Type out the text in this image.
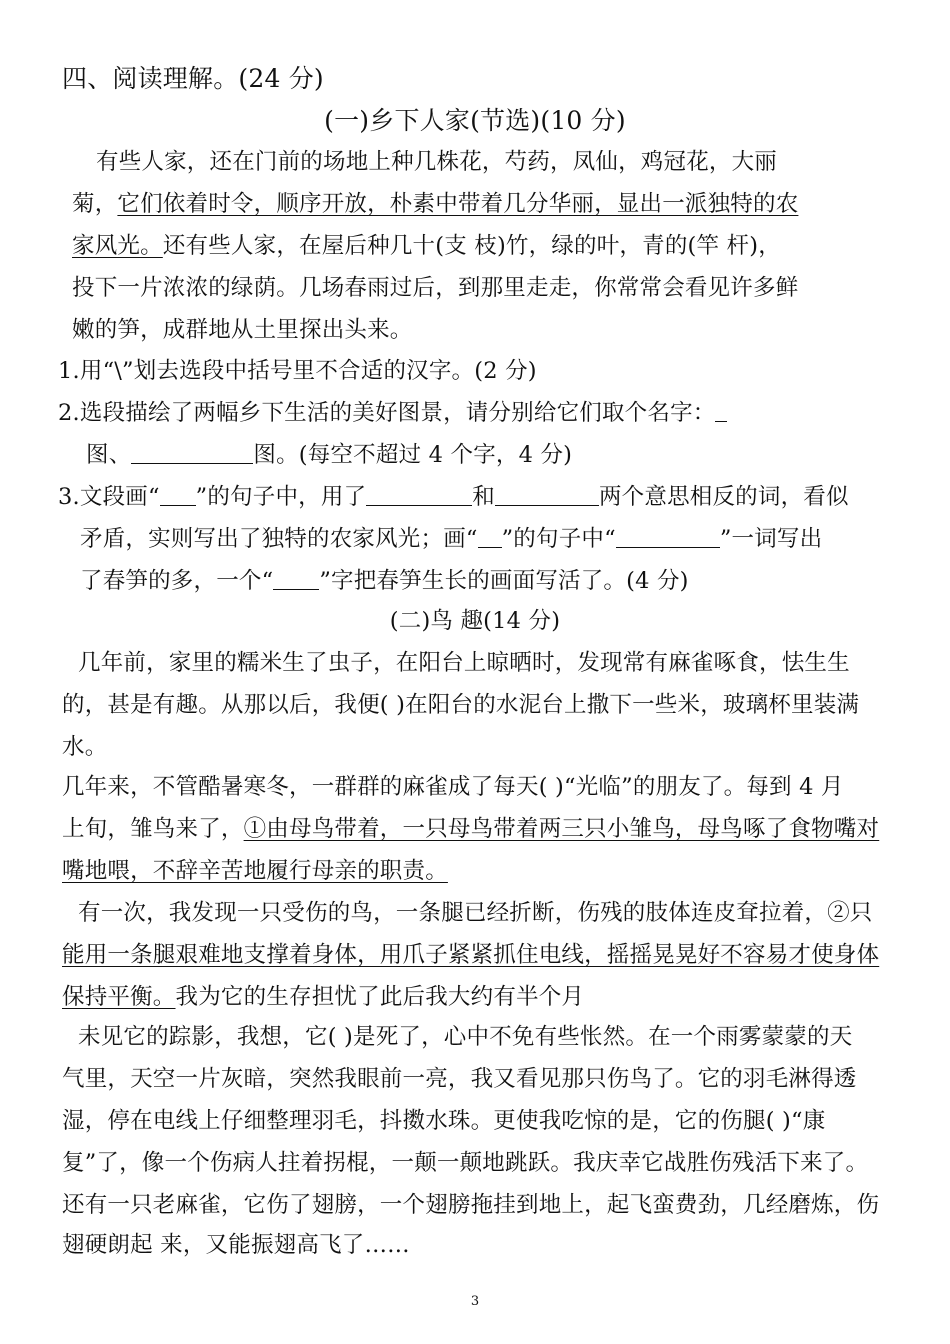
四、阅读理解。(24 分)
(一)乡下人家(节选)(10 分)
有些人家，还在门前的场地上种几株花，芍药，凤仙，鸡冠花，大丽
菊，它们依着时令，顺序开放，朴素中带着几分华丽，显出一派独特的农
家风光。还有些人家，在屋后种几十(支 枝)竹，绿的叶，青的(竿 杆)，
投下一片浓浓的绿荫。几场春雨过后，到那里走走，你常常会看见许多鲜
嫩的笋，成群地从土里探出头来。
1.用“\”划去选段中括号里不合适的汉字。(2 分)
2.选段描绘了两幅乡下生活的美好图景，请分别给它们取个名字：
图、	图。(每空不超过 4 个字，4 分)
3.文段画“ ”的句子中，用了	和	两个意思相反的词，看似
矛盾，实则写出了独特的农家风光；画“ ”的句子中“	”一词写出
了春笋的多，一个“ ”字把春笋生长的画面写活了。(4 分)
(二)鸟 趣(14 分)
几年前，家里的糯米生了虫子，在阳台上晾晒时，发现常有麻雀啄食，怯生生
的，甚是有趣。从那以后，我便( )在阳台的水泥台上撒下一些米，玻璃杯里装满
水。
几年来，不管酷暑寒冬，一群群的麻雀成了每天( )“光临”的朋友了。每到 4 月
上旬，雏鸟来了，①由母鸟带着，一只母鸟带着两三只小雏鸟，母鸟啄了食物嘴对
嘴地喂，不辞辛苦地履行母亲的职责。
有一次，我发现一只受伤的鸟，一条腿已经折断，伤残的肢体连皮耷拉着，②只
能用一条腿艰难地支撑着身体，用爪子紧紧抓住电线，摇摇晃晃好不容易才使身体
保持平衡。我为它的生存担忧了此后我大约有半个月
未见它的踪影，我想，它( )是死了，心中不免有些怅然。在一个雨雾蒙蒙的天
气里，天空一片灰暗，突然我眼前一亮，我又看见那只伤鸟了。它的羽毛淋得透
湿，停在电线上仔细整理羽毛，抖擞水珠。更使我吃惊的是，它的伤腿( )“康
复”了，像一个伤病人拄着拐棍，一颠一颠地跳跃。我庆幸它战胜伤残活下来了。
还有一只老麻雀，它伤了翅膀，一个翅膀拖挂到地上，起飞蛮费劲，几经磨炼，伤
翅硬朗起 来，又能振翅高飞了……
3
